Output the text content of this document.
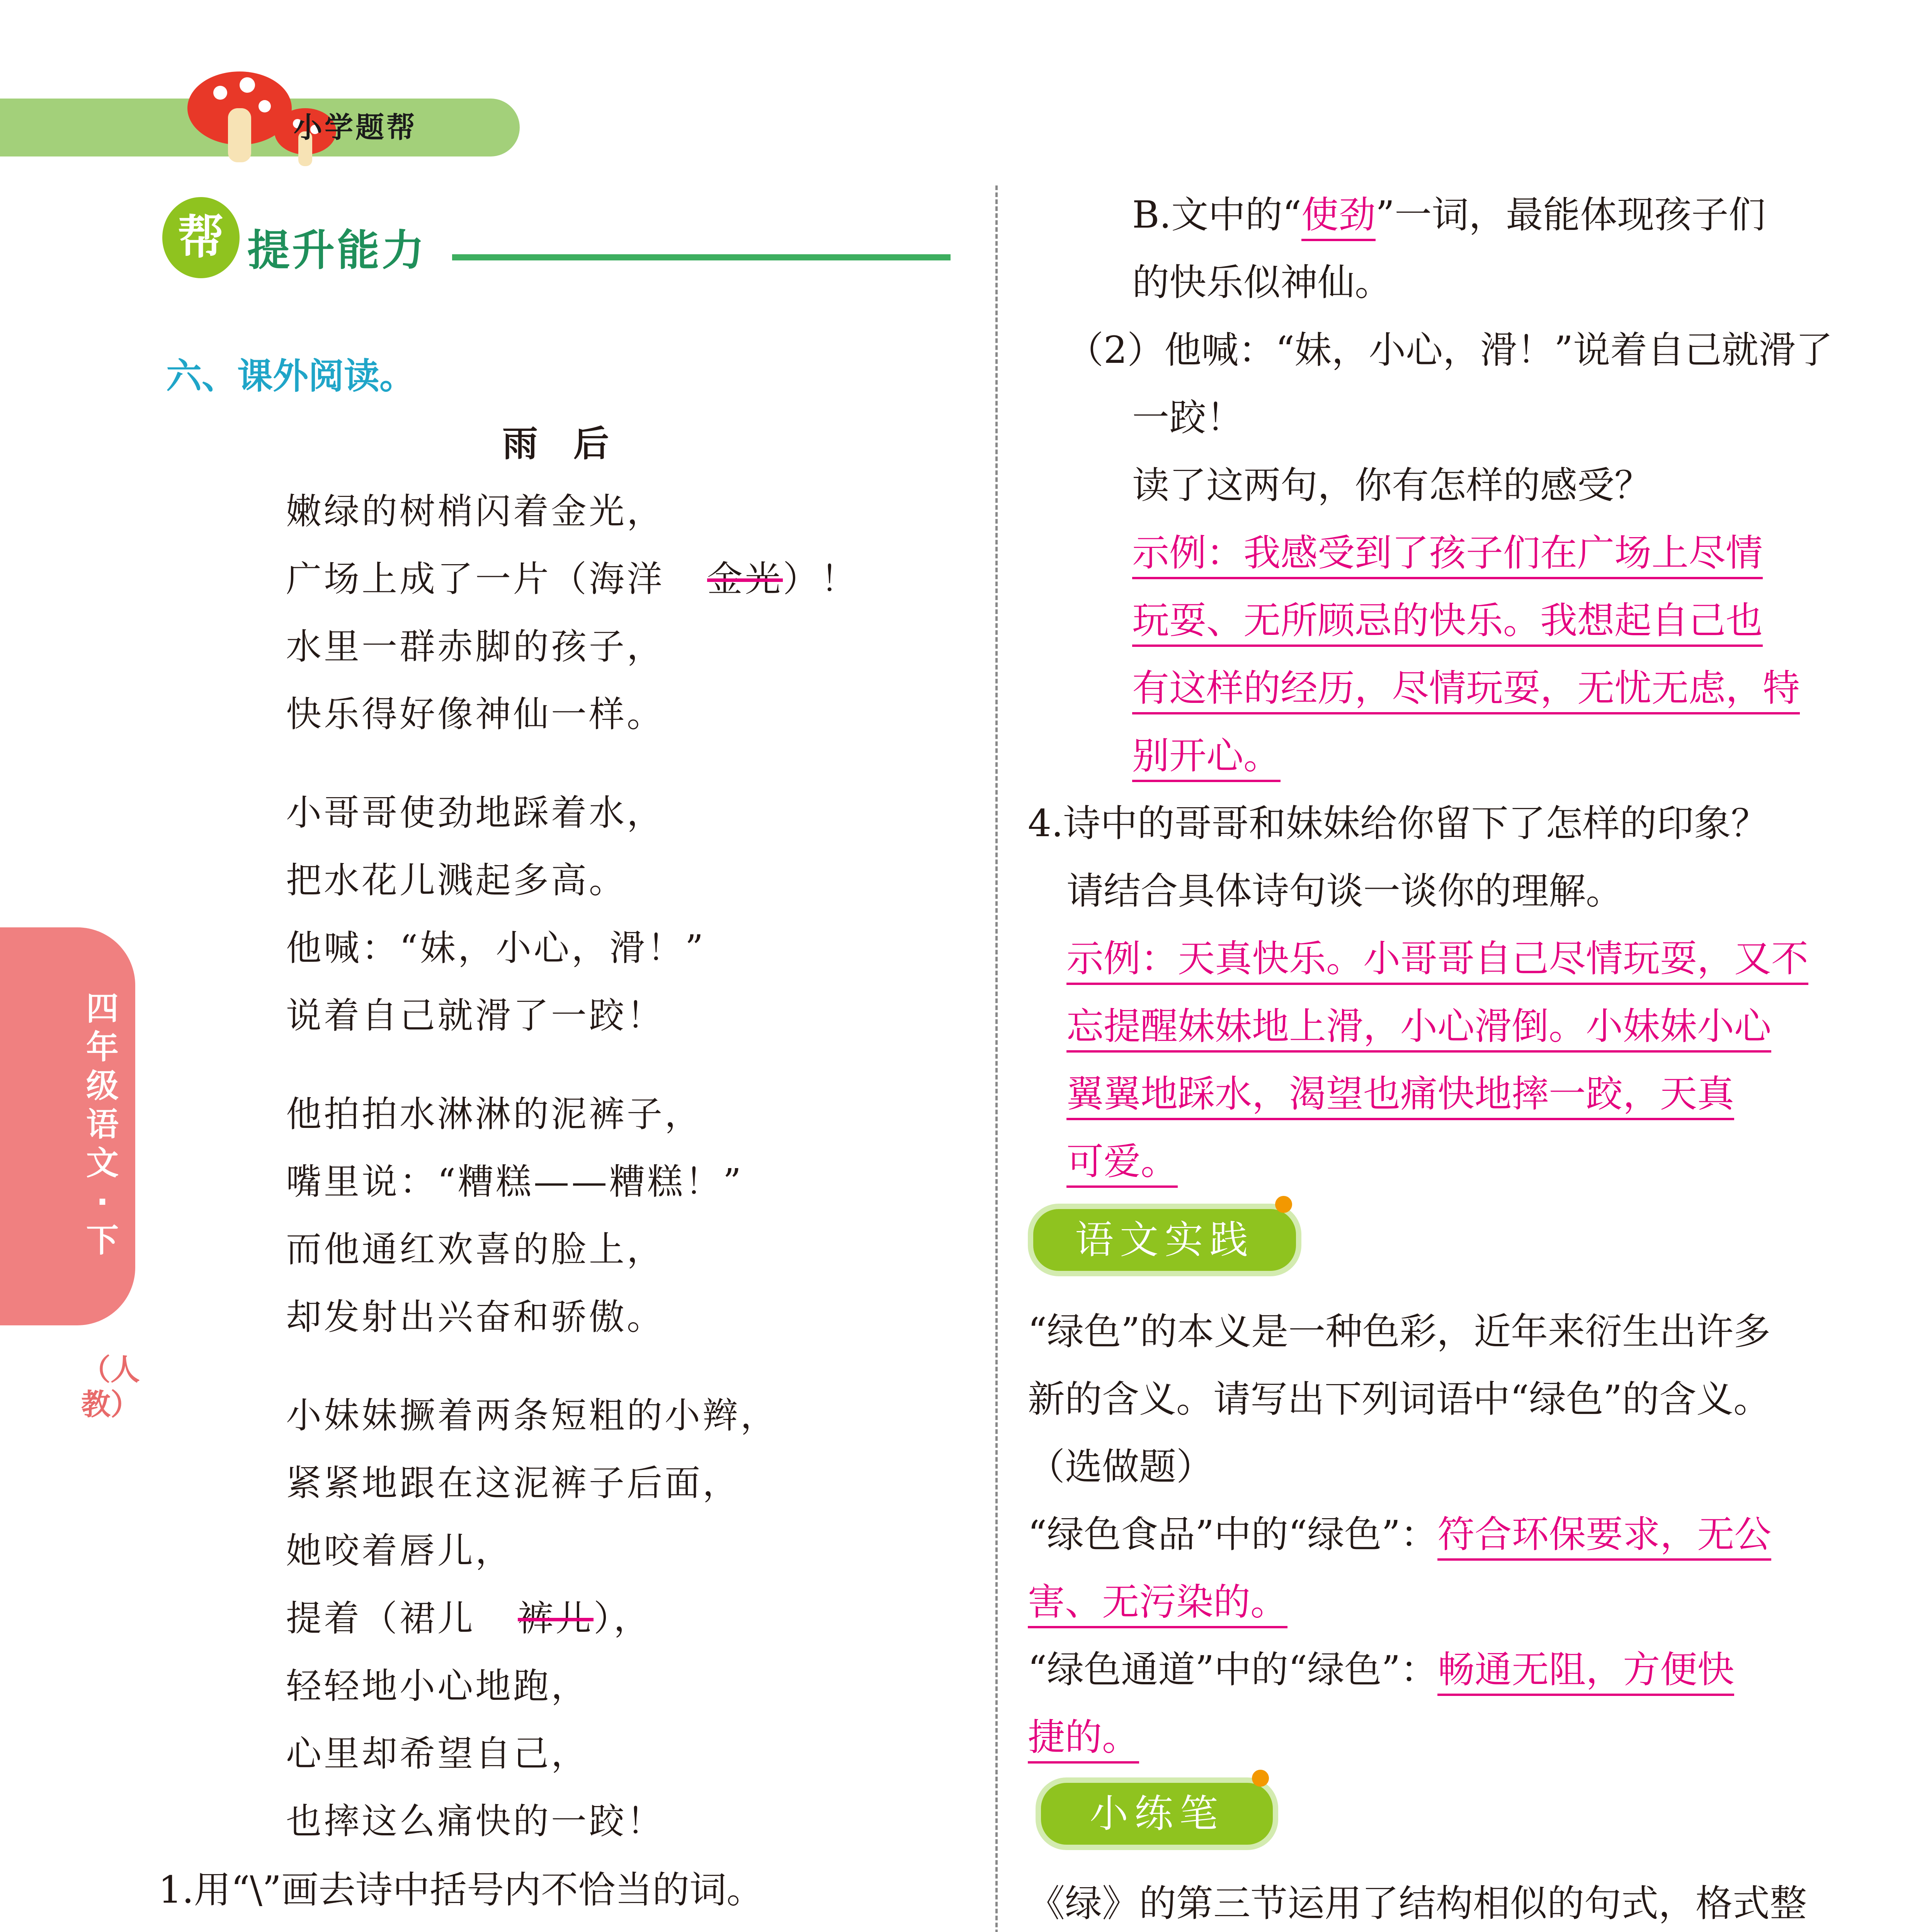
小学题帮
帮 提升能力
四年级语文·下
（人教）
六、课外阅读。
雨　后
嫩绿的树梢闪着金光，
广场上成了一片（海洋 金光）！
水里一群赤脚的孩子，
快乐得好像神仙一样。
小哥哥使劲地踩着水，
把水花儿溅起多高。
他喊：“妹，小心，滑！”
说着自己就滑了一跤！
他拍拍水淋淋的泥裤子，
嘴里说：“糟糕——糟糕！”
而他通红欢喜的脸上，
却发射出兴奋和骄傲。
小妹妹撅着两条短粗的小辫，
紧紧地跟在这泥裤子后面，
她咬着唇儿，
提着（裙儿 裤儿），
轻轻地小心地跑，
心里却希望自己，
也摔这么痛快的一跤！
1.用“\”画去诗中括号内不恰当的词。
B.文中的“使劲”一词，最能体现孩子们
的快乐似神仙。
（2）他喊：“妹，小心，滑！”说着自己就滑了
一跤！
读了这两句，你有怎样的感受？
示例：我感受到了孩子们在广场上尽情
玩耍、无所顾忌的快乐。我想起自己也
有这样的经历，尽情玩耍，无忧无虑，特
别开心。
4.诗中的哥哥和妹妹给你留下了怎样的印象？
请结合具体诗句谈一谈你的理解。
示例：天真快乐。小哥哥自己尽情玩耍，又不
忘提醒妹妹地上滑，小心滑倒。小妹妹小心
翼翼地踩水，渴望也痛快地摔一跤，天真
可爱。
语文实践
“绿色”的本义是一种色彩，近年来衍生出许多
新的含义。请写出下列词语中“绿色”的含义。
（选做题）
“绿色食品”中的“绿色”：符合环保要求，无公
害、无污染的。
“绿色通道”中的“绿色”：畅通无阻，方便快
捷的。
小练笔
《绿》的第三节运用了结构相似的句式，格式整
